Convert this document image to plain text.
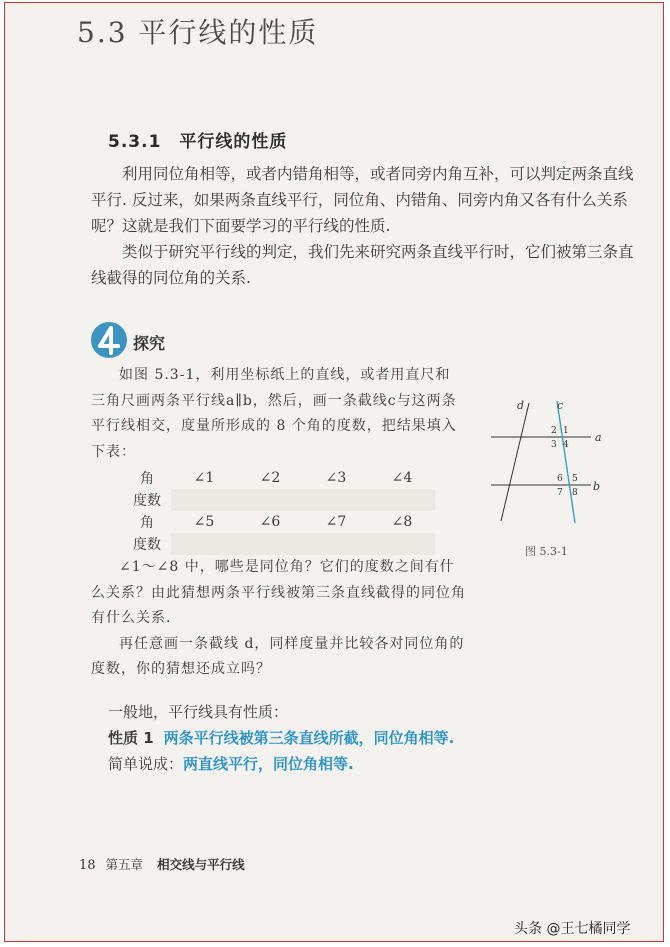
5.3 平行线的性质
5.3.1　平行线的性质

利用同位角相等，或者内错角相等，或者同旁内角互补，可以判定两条直线平行. 反过来，如果两条直线平行，同位角、内错角、同旁内角又各有什么关系呢？这就是我们下面要学习的平行线的性质.

类似于研究平行线的判定，我们先来研究两条直线平行时，它们被第三条直线截得的同位角的关系.

探究

如图 5.3-1，利用坐标纸上的直线，或者用直尺和三角尺画两条平行线a∥b，然后，画一条截线c与这两条平行线相交，度量所形成的 8 个角的度数，把结果填入下表：

角	∠1	∠2	∠3	∠4
度数				
角	∠5	∠6	∠7	∠8
度数				

∠1～∠8 中，哪些是同位角？它们的度数之间有什么关系？由此猜想两条平行线被第三条直线截得的同位角有什么关系.

再任意画一条截线 d，同样度量并比较各对同位角的度数，你的猜想还成立吗？

d	c
a
b
2 1
3 4
6 5
7 8
图 5.3-1
一般地，平行线具有性质：
性质 1 两条平行线被第三条直线所截，同位角相等.
简单说成：两直线平行，同位角相等.
18 第五章 相交线与平行线
头条 @王七橘同学
